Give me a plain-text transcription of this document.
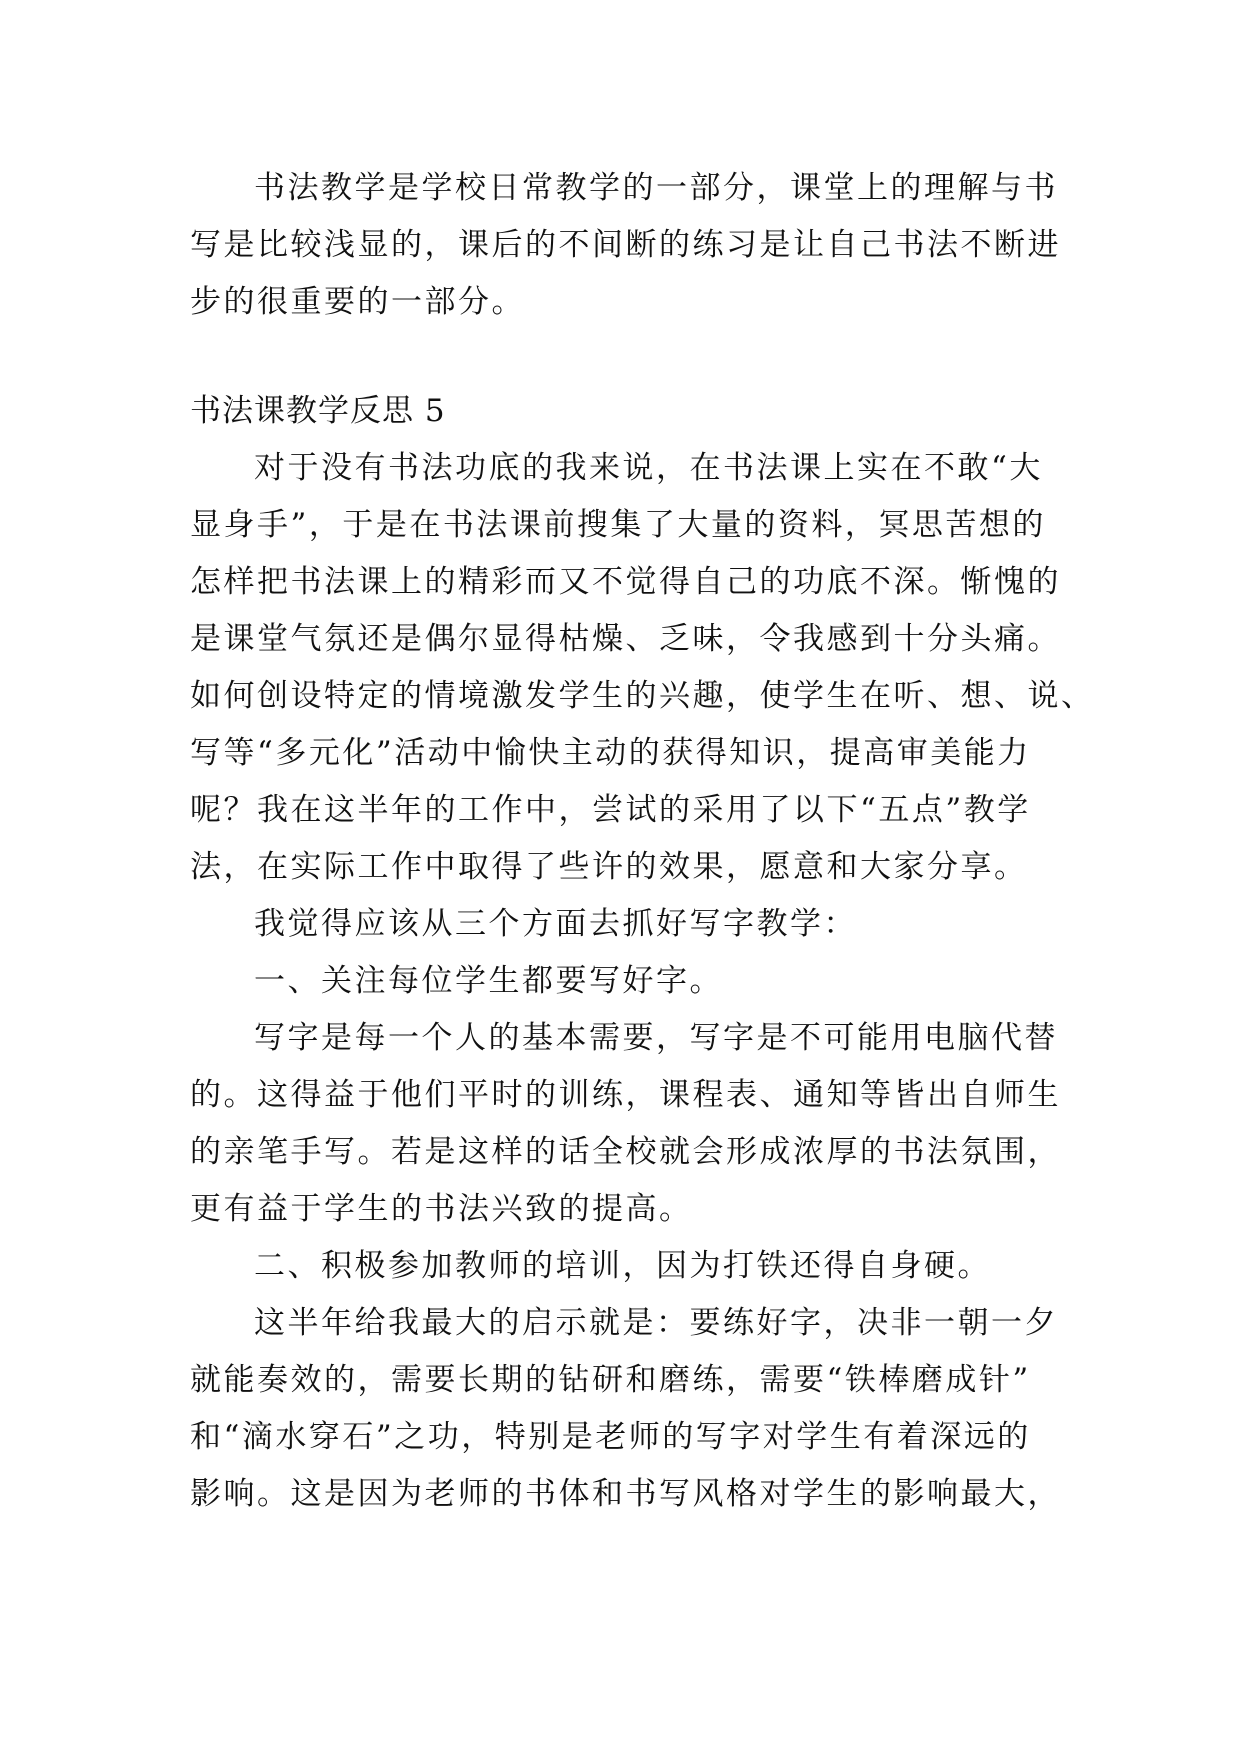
书法教学是学校日常教学的一部分，课堂上的理解与书
写是比较浅显的，课后的不间断的练习是让自己书法不断进
步的很重要的一部分。
书法课教学反思 5
对于没有书法功底的我来说，在书法课上实在不敢“大
显身手”，于是在书法课前搜集了大量的资料，冥思苦想的
怎样把书法课上的精彩而又不觉得自己的功底不深。惭愧的
是课堂气氛还是偶尔显得枯燥、乏味，令我感到十分头痛。
如何创设特定的情境激发学生的兴趣，使学生在听、想、说、
写等“多元化”活动中愉快主动的获得知识，提高审美能力
呢？我在这半年的工作中，尝试的采用了以下“五点”教学
法，在实际工作中取得了些许的效果，愿意和大家分享。
我觉得应该从三个方面去抓好写字教学：
一、关注每位学生都要写好字。
写字是每一个人的基本需要，写字是不可能用电脑代替
的。这得益于他们平时的训练，课程表、通知等皆出自师生
的亲笔手写。若是这样的话全校就会形成浓厚的书法氛围，
更有益于学生的书法兴致的提高。
二、积极参加教师的培训，因为打铁还得自身硬。
这半年给我最大的启示就是：要练好字，决非一朝一夕
就能奏效的，需要长期的钻研和磨练，需要“铁棒磨成针”
和“滴水穿石”之功，特别是老师的写字对学生有着深远的
影响。这是因为老师的书体和书写风格对学生的影响最大，
